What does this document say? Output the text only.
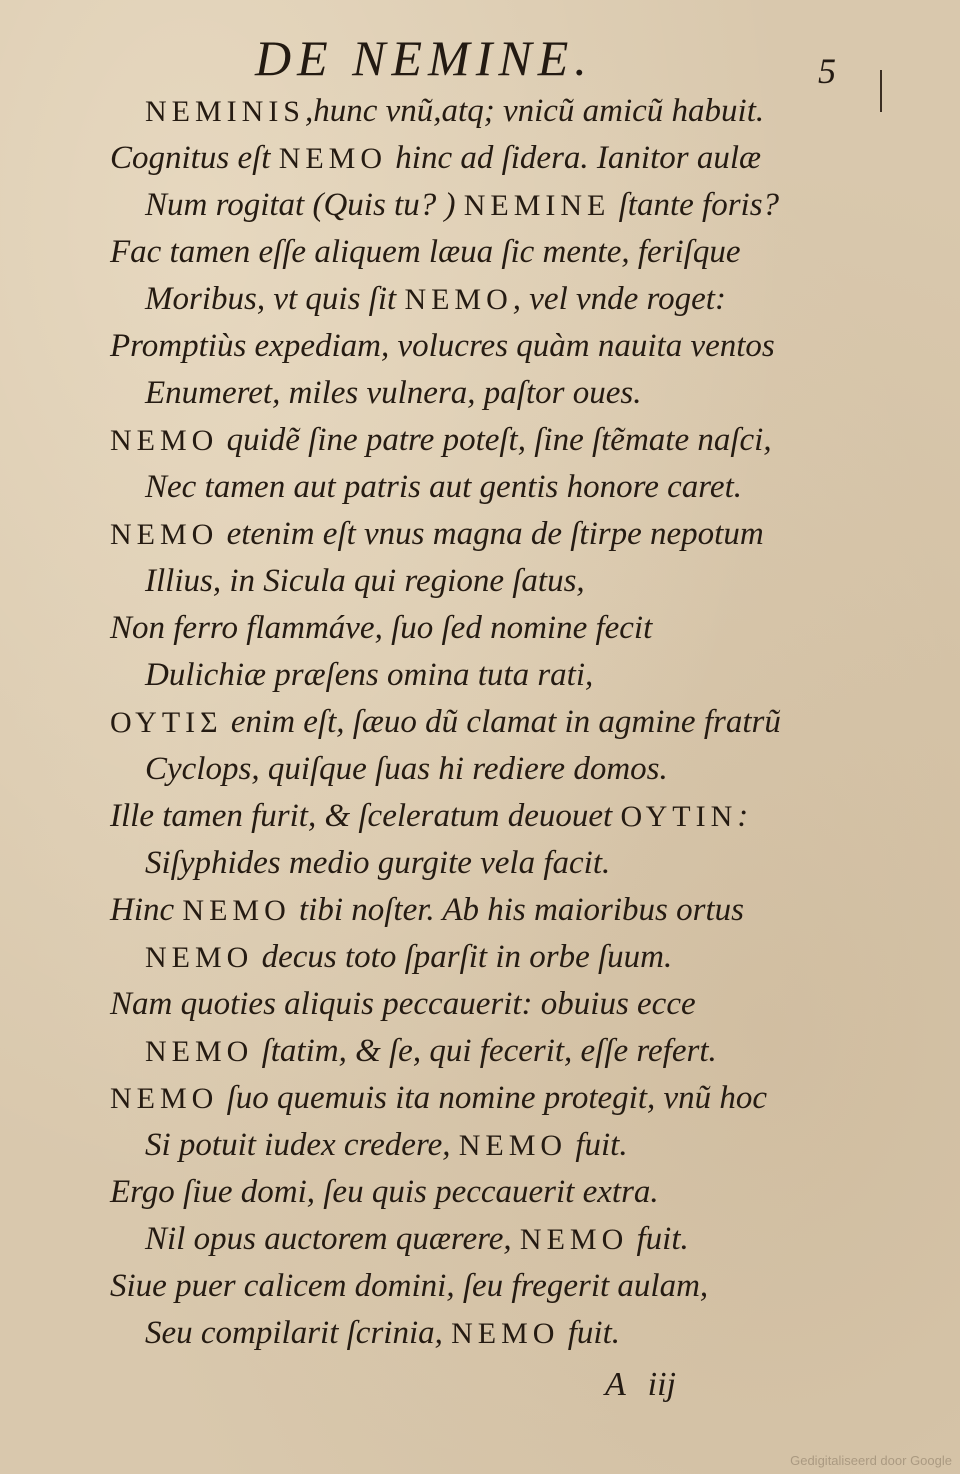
DE NEMINE.	5
NEMINIS,hunc vnũ,atq; vnicũ amicũ habuit.
Cognitus eſt NEMO hinc ad ſidera. Ianitor aulæ
Num rogitat (Quis tu? ) NEMINE ſtante foris?
Fac tamen eſſe aliquem læua ſic mente, feriſque
Moribus, vt quis ſit NEMO, vel vnde roget:
Promptiùs expediam, volucres quàm nauita ventos
Enumeret, miles vulnera, paſtor oues.
NEMO quidẽ ſine patre poteſt, ſine ſtẽmate naſci,
Nec tamen aut patris aut gentis honore caret.
NEMO etenim eſt vnus magna de ſtirpe nepotum
Illius, in Sicula qui regione ſatus,
Non ferro flammáve, ſuo ſed nomine fecit
Dulichiæ præſens omina tuta rati,
ΟΥΤΙΣ enim eſt, ſæuo dũ clamat in agmine fratrũ
Cyclops, quiſque ſuas hi rediere domos.
Ille tamen furit, & ſceleratum deuouet ΟΥΤΙΝ:
Siſyphides medio gurgite vela facit.
Hinc NEMO tibi noſter. Ab his maioribus ortus
NEMO decus toto ſparſit in orbe ſuum.
Nam quoties aliquis peccauerit: obuius ecce
NEMO ſtatim, & ſe, qui fecerit, eſſe refert.
NEMO ſuo quemuis ita nomine protegit, vnũ hoc
Si potuit iudex credere, NEMO fuit.
Ergo ſiue domi, ſeu quis peccauerit extra.
Nil opus auctorem quærere, NEMO fuit.
Siue puer calicem domini, ſeu fregerit aulam,
Seu compilarit ſcrinia, NEMO fuit.
A iij
Gedigitaliseerd door Google
